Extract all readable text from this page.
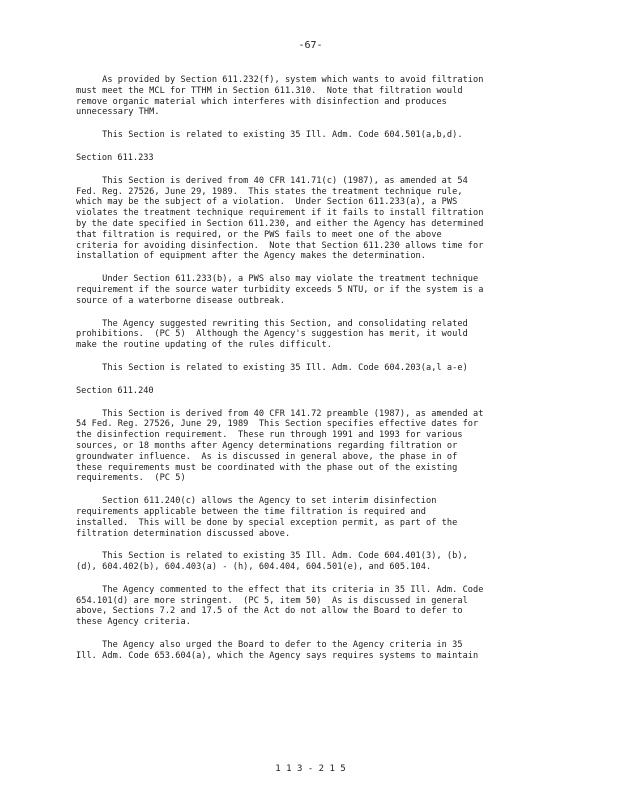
-67-
As provided by Section 611.232(f), system which wants to avoid filtration
must meet the MCL for TTHM in Section 611.310.  Note that filtration would
remove organic material which interferes with disinfection and produces
unnecessary THM.
This Section is related to existing 35 Ill. Adm. Code 604.501(a,b,d).
Section 611.233
This Section is derived from 40 CFR 141.71(c) (1987), as amended at 54
Fed. Reg. 27526, June 29, 1989.  This states the treatment technique rule,
which may be the subject of a violation.  Under Section 611.233(a), a PWS
violates the treatment technique requirement if it fails to install filtration
by the date specified in Section 611.230, and either the Agency has determined
that filtration is required, or the PWS fails to meet one of the above
criteria for avoiding disinfection.  Note that Section 611.230 allows time for
installation of equipment after the Agency makes the determination.
Under Section 611.233(b), a PWS also may violate the treatment technique
requirement if the source water turbidity exceeds 5 NTU, or if the system is a
source of a waterborne disease outbreak.
The Agency suggested rewriting this Section, and consolidating related
prohibitions.  (PC 5)  Although the Agency's suggestion has merit, it would
make the routine updating of the rules difficult.
This Section is related to existing 35 Ill. Adm. Code 604.203(a,l a-e)
Section 611.240
This Section is derived from 40 CFR 141.72 preamble (1987), as amended at
54 Fed. Reg. 27526, June 29, 1989  This Section specifies effective dates for
the disinfection requirement.  These run through 1991 and 1993 for various
sources, or 18 months after Agency determinations regarding filtration or
groundwater influence.  As is discussed in general above, the phase in of
these requirements must be coordinated with the phase out of the existing
requirements.  (PC 5)
Section 611.240(c) allows the Agency to set interim disinfection
requirements applicable between the time filtration is required and
installed.  This will be done by special exception permit, as part of the
filtration determination discussed above.
This Section is related to existing 35 Ill. Adm. Code 604.401(3), (b),
(d), 604.402(b), 604.403(a) - (h), 604.404, 604.501(e), and 605.104.
The Agency commented to the effect that its criteria in 35 Ill. Adm. Code
654.101(d) are more stringent.  (PC 5, item 50)  As is discussed in general
above, Sections 7.2 and 17.5 of the Act do not allow the Board to defer to
these Agency criteria.
The Agency also urged the Board to defer to the Agency criteria in 35
Ill. Adm. Code 653.604(a), which the Agency says requires systems to maintain
1 1 3 - 2 1 5
